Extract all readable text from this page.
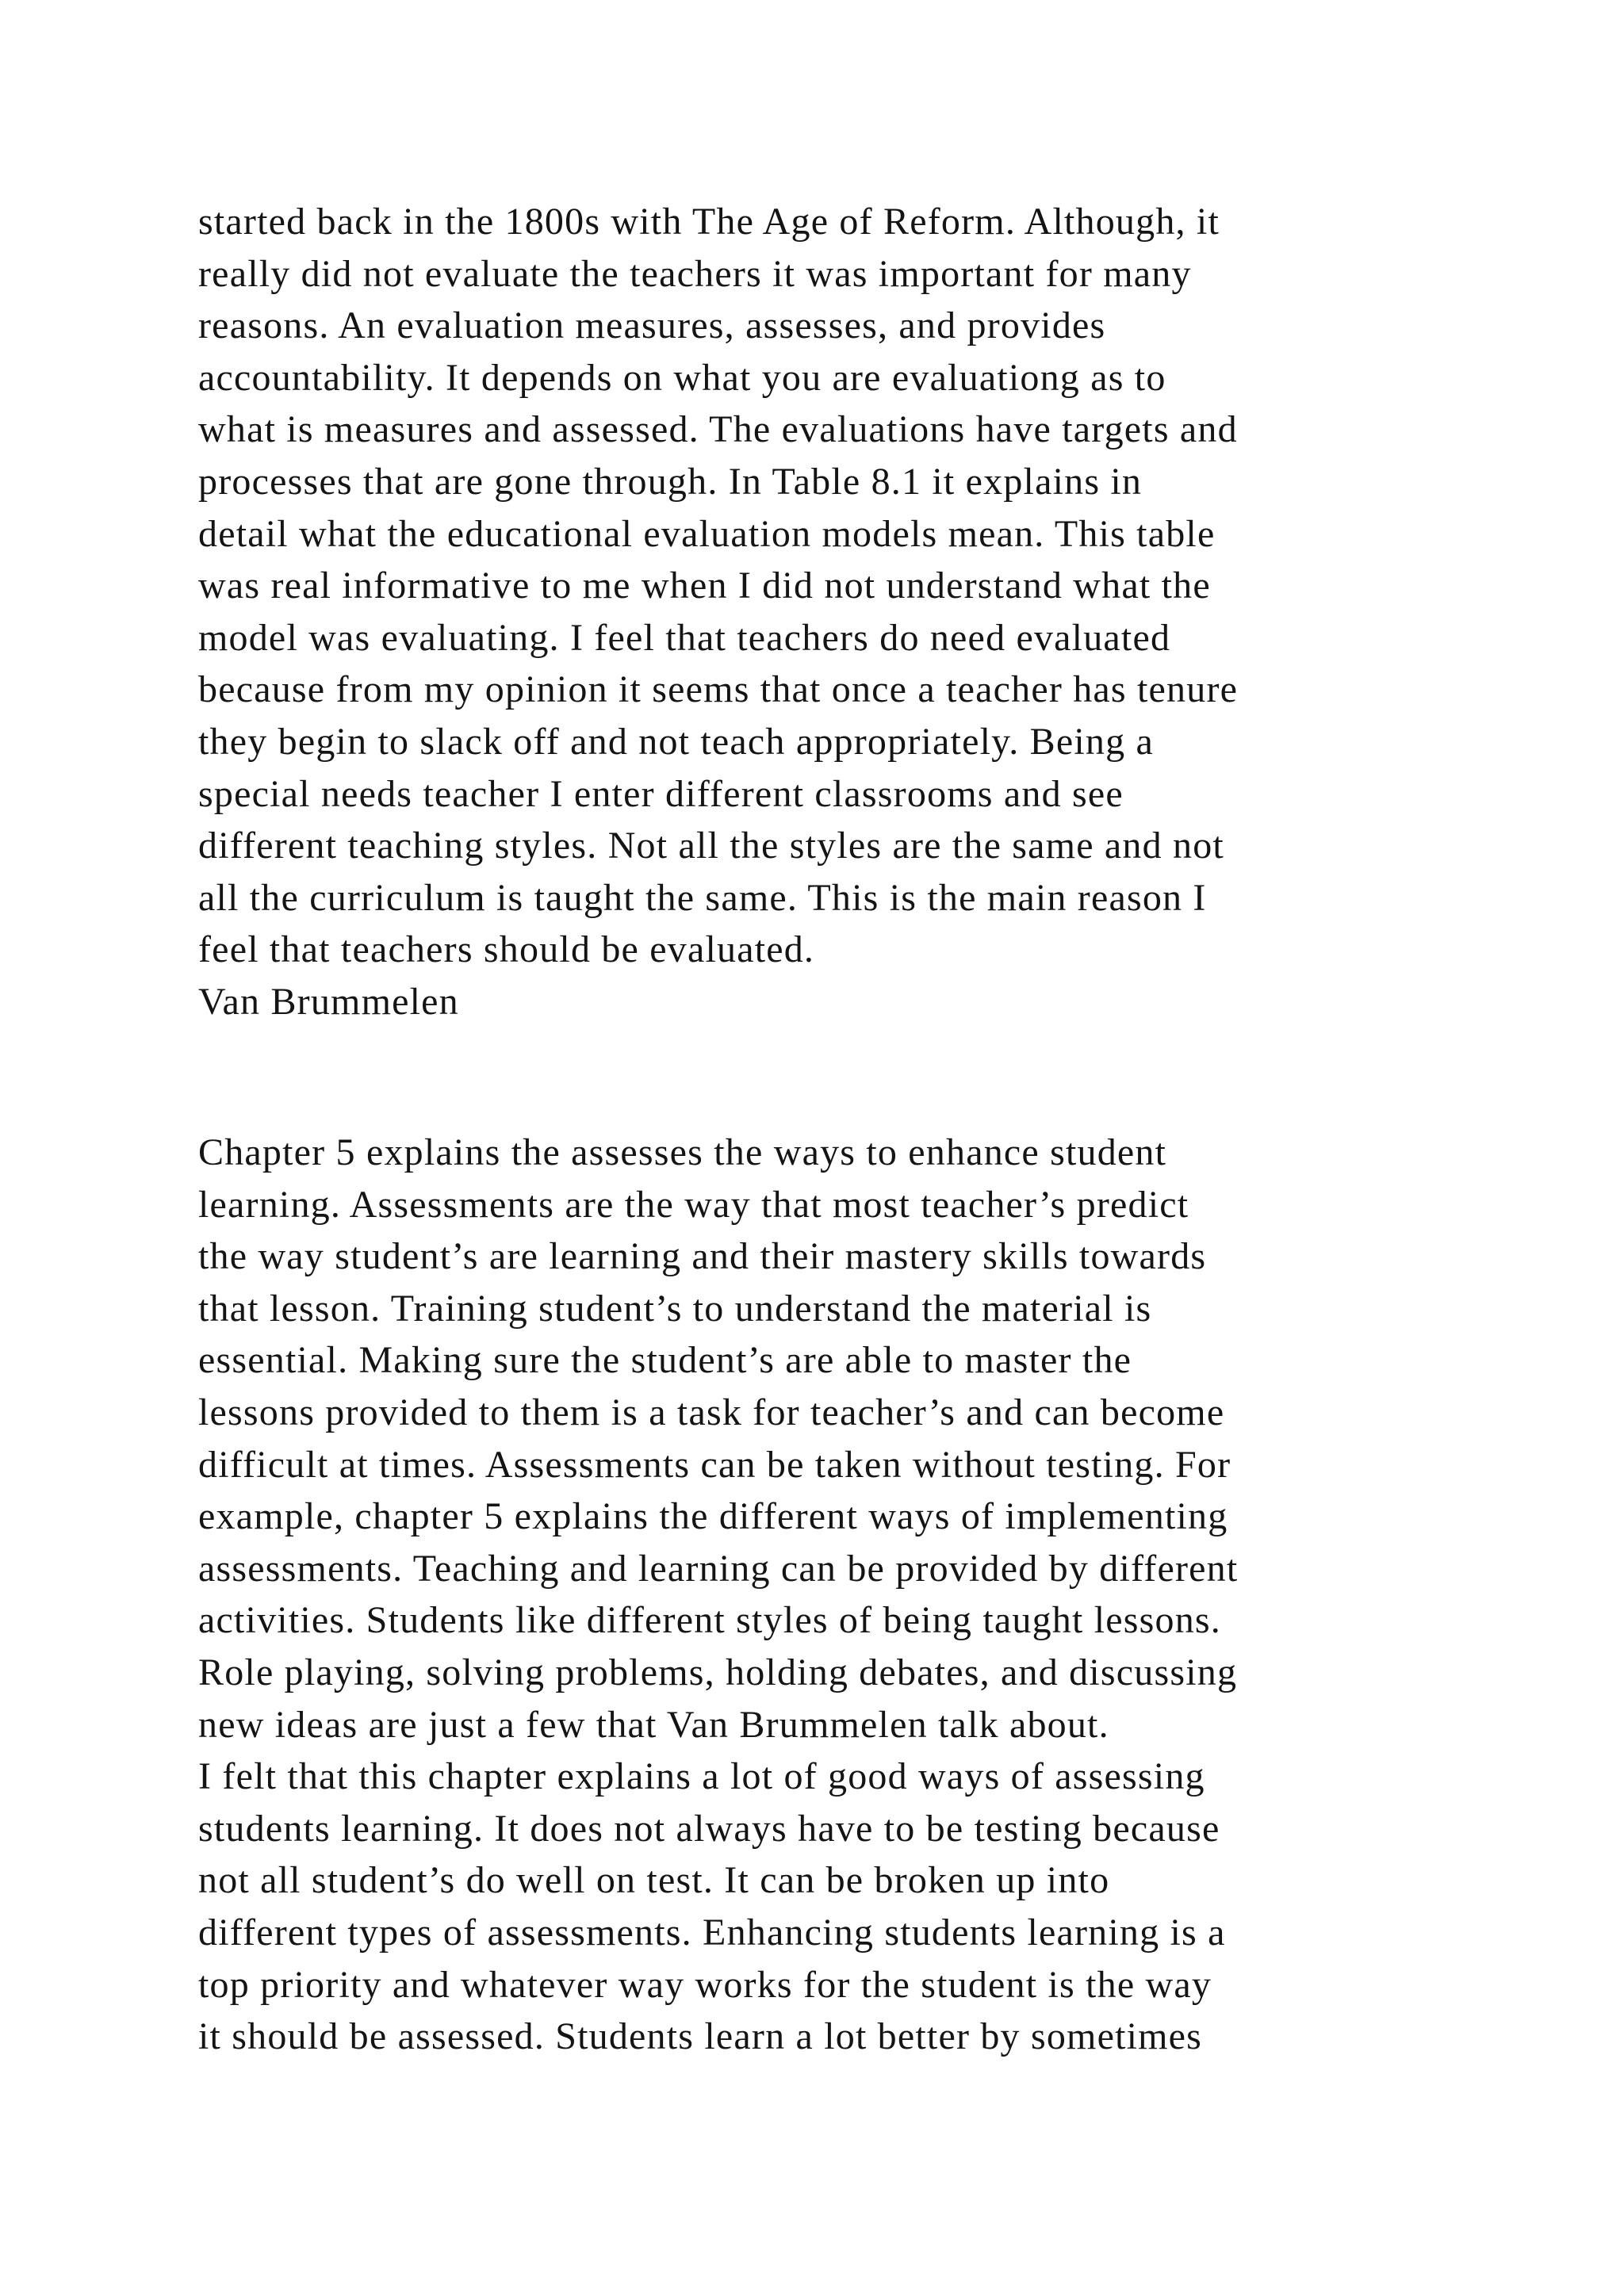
started back in the 1800s with The Age of Reform. Although, it
really did not evaluate the teachers it was important for many
reasons. An evaluation measures, assesses, and provides
accountability. It depends on what you are evaluationg as to
what is measures and assessed. The evaluations have targets and
processes that are gone through. In Table 8.1 it explains in
detail what the educational evaluation models mean. This table
was real informative to me when I did not understand what the
model was evaluating. I feel that teachers do need evaluated
because from my opinion it seems that once a teacher has tenure
they begin to slack off and not teach appropriately. Being a
special needs teacher I enter different classrooms and see
different teaching styles. Not all the styles are the same and not
all the curriculum is taught the same. This is the main reason I
feel that teachers should be evaluated.
Van Brummelen
Chapter 5 explains the assesses the ways to enhance student
learning. Assessments are the way that most teacher’s predict
the way student’s are learning and their mastery skills towards
that lesson. Training student’s to understand the material is
essential. Making sure the student’s are able to master the
lessons provided to them is a task for teacher’s and can become
difficult at times. Assessments can be taken without testing. For
example, chapter 5 explains the different ways of implementing
assessments. Teaching and learning can be provided by different
activities. Students like different styles of being taught lessons.
Role playing, solving problems, holding debates, and discussing
new ideas are just a few that Van Brummelen talk about.
I felt that this chapter explains a lot of good ways of assessing
students learning. It does not always have to be testing because
not all student’s do well on test. It can be broken up into
different types of assessments. Enhancing students learning is a
top priority and whatever way works for the student is the way
it should be assessed. Students learn a lot better by sometimes
